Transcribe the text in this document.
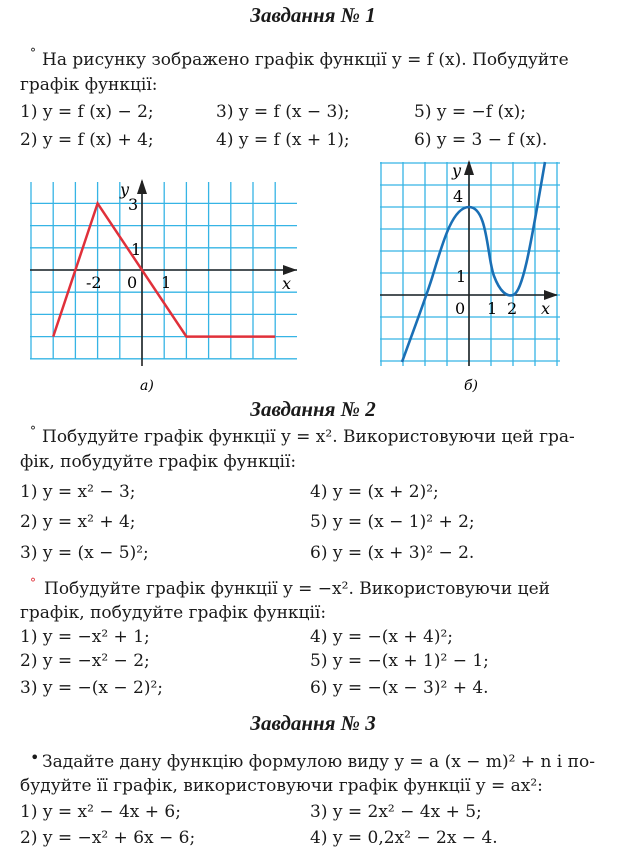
Завдання № 1
° На рисунку зображено графік функції y = f (x). Побудуйте
графік функції:
1) y = f (x) − 2;	3) y = f (x − 3);	5) y = −f (x);
2) y = f (x) + 4;	4) y = f (x + 1);	6) y = 3 − f (x).
y
3
1
-2 0 1	x
а)
y
4
1
0 1 2 x
б)
Завдання № 2
° Побудуйте графік функції y = x². Використовуючи цей гра-
фік, побудуйте графік функції:
1) y = x² − 3;	4) y = (x + 2)²;
2) y = x² + 4;	5) y = (x − 1)² + 2;
3) y = (x − 5)²;	6) y = (x + 3)² − 2.
° Побудуйте графік функції y = −x². Використовуючи цей
графік, побудуйте графік функції:
1) y = −x² + 1;	4) y = −(x + 4)²;
2) y = −x² − 2;	5) y = −(x + 1)² − 1;
3) y = −(x − 2)²;	6) y = −(x − 3)² + 4.
Завдання № 3
• Задайте дану функцію формулою виду y = a (x − m)² + n і по-
будуйте її графік, використовуючи графік функції y = ax²:
1) y = x² − 4x + 6;	3) y = 2x² − 4x + 5;
2) y = −x² + 6x − 6;	4) y = 0,2x² − 2x − 4.
